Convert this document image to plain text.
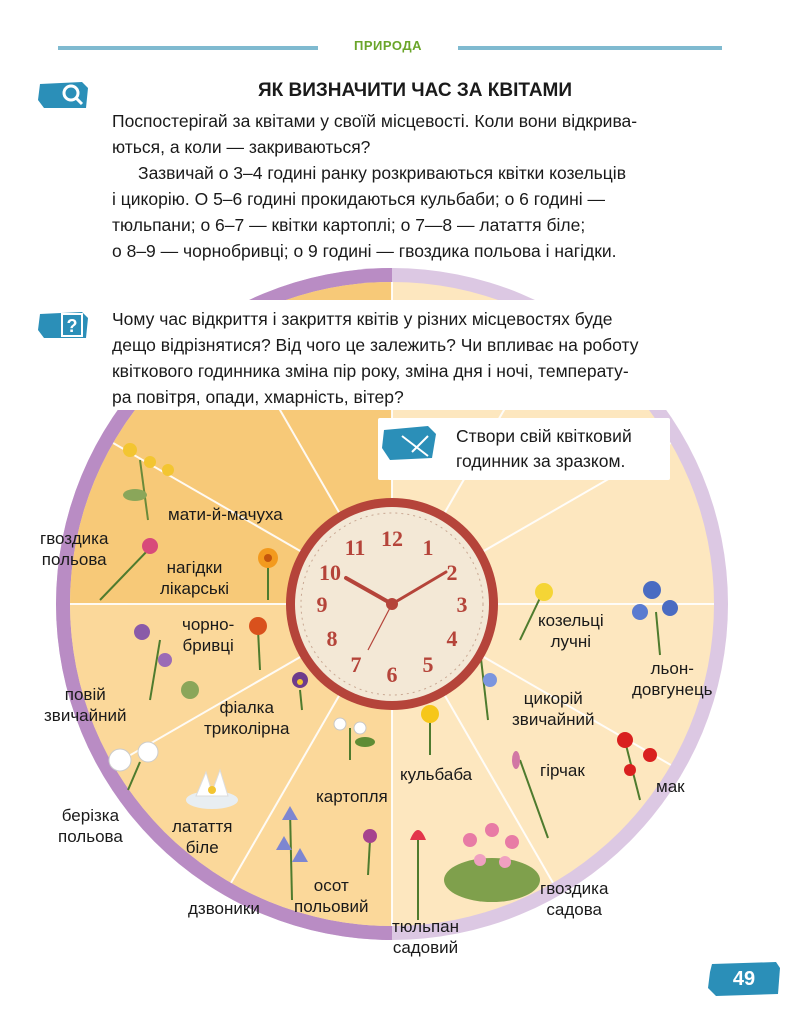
ПРИРОДА
ЯК ВИЗНАЧИТИ ЧАС ЗА КВІТАМИ
Поспостерігай за квітами у своїй місцевості. Коли вони відкрива-
ються, а коли — закриваються?
Зазвичай о 3–4 годині ранку розкриваються квітки козельців
і цикорію. О 5–6 годині прокидаються кульбаби; о 6 годині —
тюльпани; о 6–7 — квітки картоплі; о 7—8 — латаття біле;
о 8–9 — чорнобривці; о 9 годині — гвоздика польова і нагідки.
12 1
2
3
4
5
6
7
8
9
10
11
? Чому час відкриття і закриття квітів у різних місцевостях буде
дещо відрізнятися? Від чого це залежить? Чи впливає на роботу
квіткового годинника зміна пір року, зміна дня і ночі, температу-
ра повітря, опади, хмарність, вітер?
Створи свій квітковий
годинник за зразком.
мати-й-мачуха
гвоздика
польова	нагідки
лікарські
чорно-
бривці
повій
звичайний	фіалка
триколірна
берізка
польова
латаття
біле
картопля
дзвоники
осот
польовий
тюльпан
садовий
кульбаба
козельці
лучні
льон-
довгунець
цикорій
звичайний
гірчак
мак
гвоздика
садова
49
